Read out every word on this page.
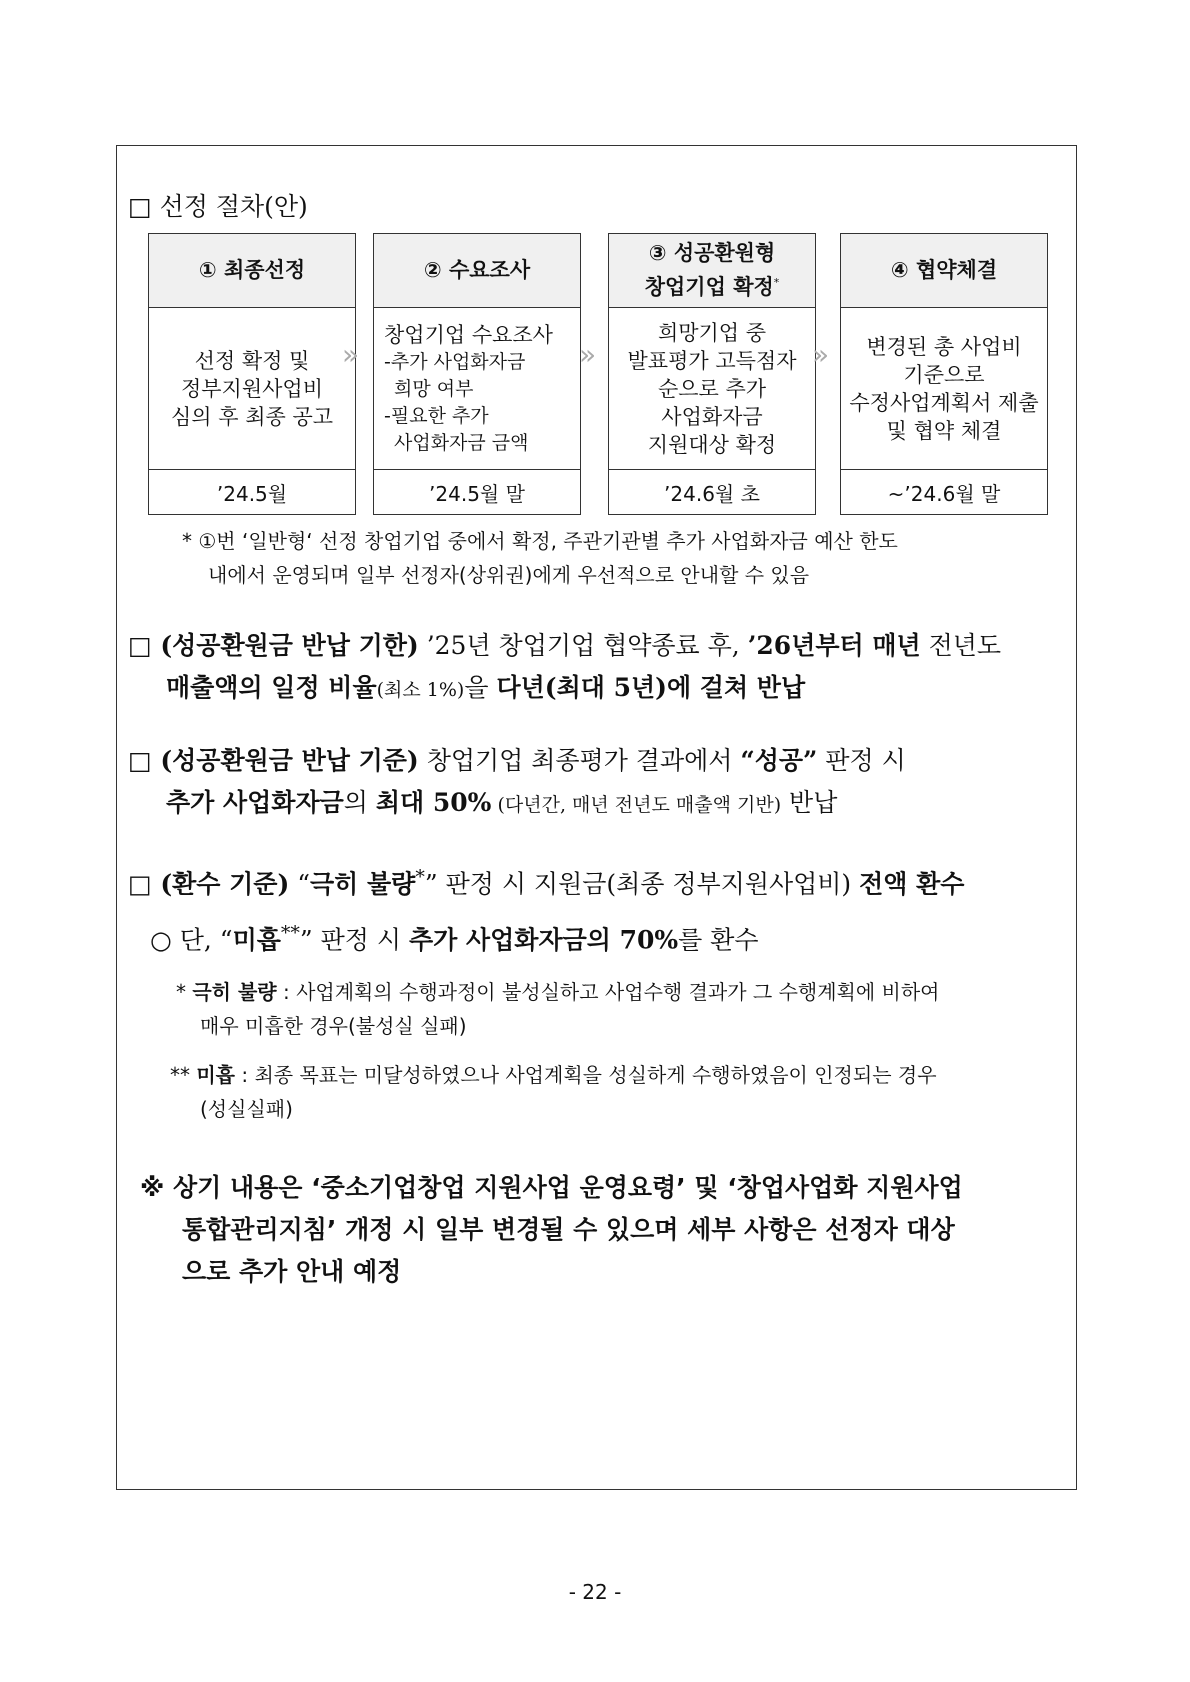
□ 선정 절차(안)
① 최종선정
선정 확정 및
정부지원사업비
심의 후 최종 공고
’24.5월
»
② 수요조사
창업기업 수요조사
-추가 사업화자금
희망 여부
-필요한 추가
사업화자금 금액
’24.5월 말
»
③ 성공환원형
창업기업 확정*
희망기업 중
발표평가 고득점자
순으로 추가
사업화자금
지원대상 확정
’24.6월 초
»
④ 협약체결
변경된 총 사업비
기준으로
수정사업계획서 제출
및 협약 체결
~’24.6월 말
* ①번 ‘일반형‘ 선정 창업기업 중에서 확정, 주관기관별 추가 사업화자금 예산 한도
내에서 운영되며 일부 선정자(상위권)에게 우선적으로 안내할 수 있음
□ (성공환원금 반납 기한) ’25년 창업기업 협약종료 후, ’26년부터 매년 전년도
매출액의 일정 비율(최소 1%)을 다년(최대 5년)에 걸쳐 반납
□ (성공환원금 반납 기준) 창업기업 최종평가 결과에서 “성공” 판정 시
추가 사업화자금의 최대 50% (다년간, 매년 전년도 매출액 기반) 반납
□ (환수 기준) “극히 불량*” 판정 시 지원금(최종 정부지원사업비) 전액 환수
○ 단, “미흡**” 판정 시 추가 사업화자금의 70%를 환수
* 극히 불량 : 사업계획의 수행과정이 불성실하고 사업수행 결과가 그 수행계획에 비하여
매우 미흡한 경우(불성실 실패)
** 미흡 : 최종 목표는 미달성하였으나 사업계획을 성실하게 수행하였음이 인정되는 경우
(성실실패)
※ 상기 내용은 ‘중소기업창업 지원사업 운영요령’ 및 ‘창업사업화 지원사업
통합관리지침’ 개정 시 일부 변경될 수 있으며 세부 사항은 선정자 대상
으로 추가 안내 예정
- 22 -
